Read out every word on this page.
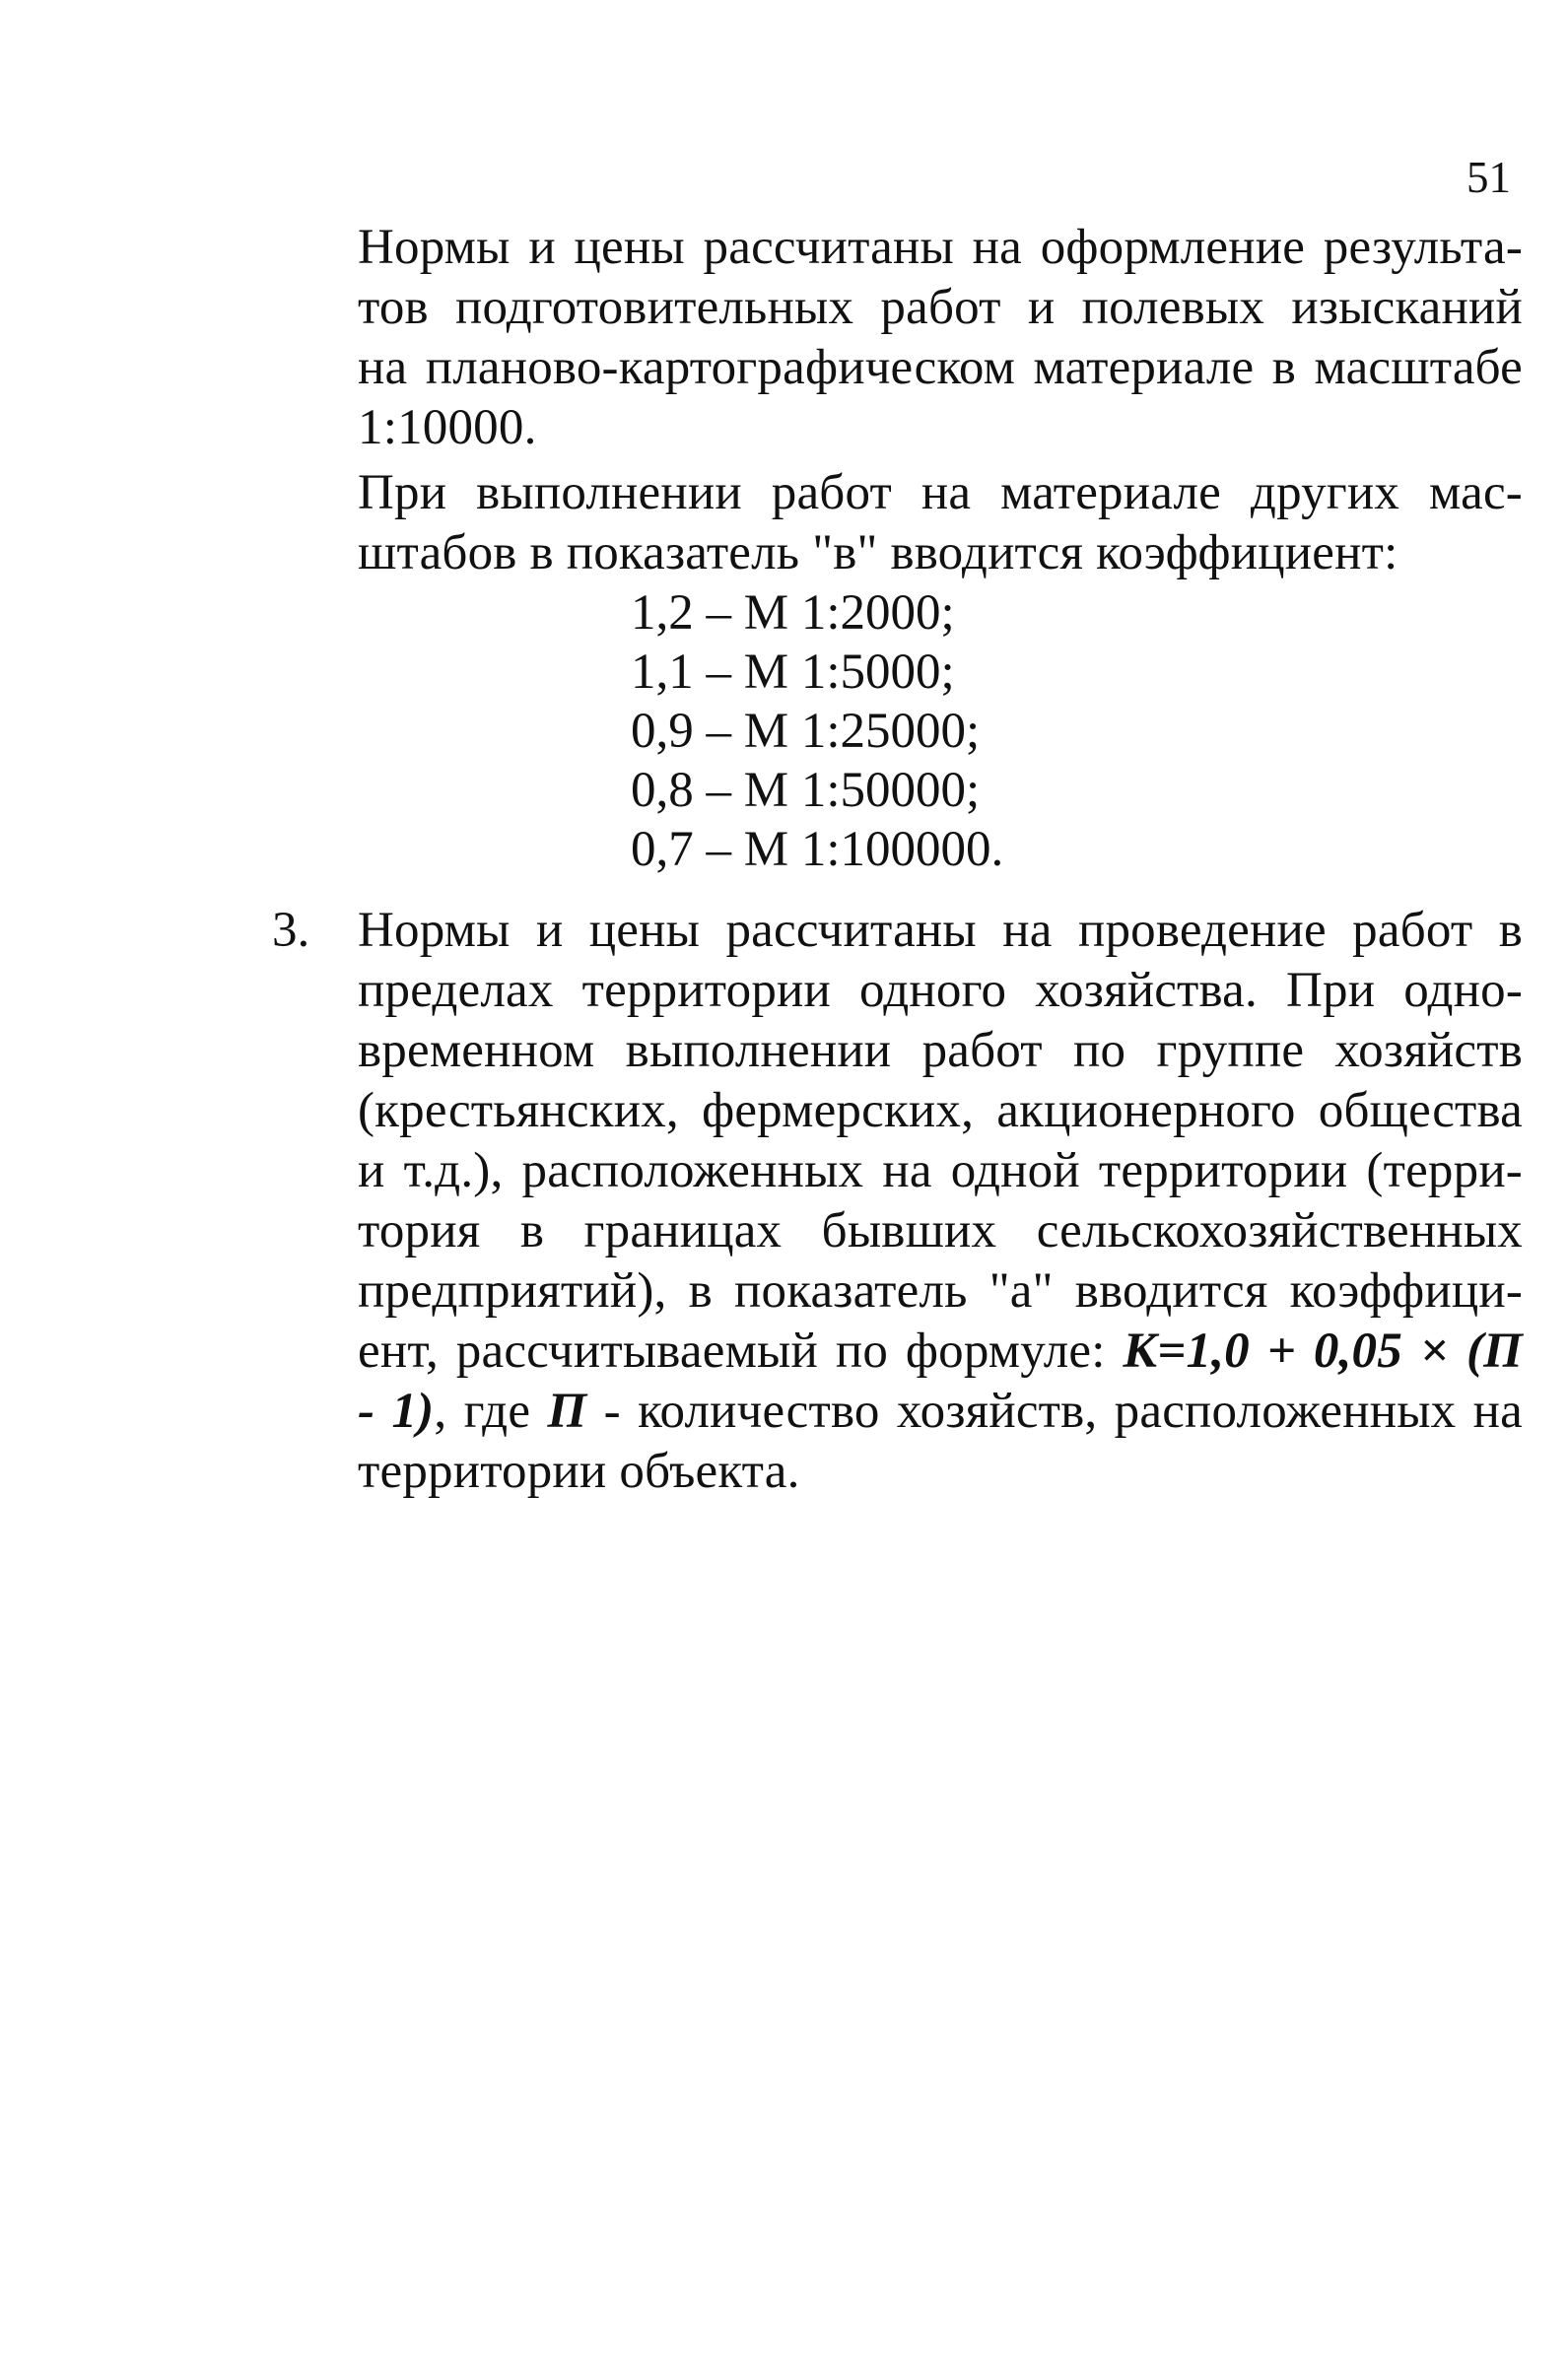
51
Нормы и цены рассчитаны на оформление результа-
тов подготовительных работ и полевых изысканий
на планово-картографическом материале в масштабе
1:10000.
При выполнении работ на материале других мас-
штабов в показатель "в" вводится коэффициент:
1,2 – М 1:2000;
1,1 – М 1:5000;
0,9 – М 1:25000;
0,8 – М 1:50000;
0,7 – М 1:100000.
3. Нормы и цены рассчитаны на проведение работ в
пределах территории одного хозяйства. При одно-
временном выполнении работ по группе хозяйств
(крестьянских, фермерских, акционерного общества
и т.д.), расположенных на одной территории (терри-
тория в границах бывших сельскохозяйственных
предприятий), в показатель "а" вводится коэффици-
ент, рассчитываемый по формуле: К=1,0 + 0,05 × (П
- 1), где П - количество хозяйств, расположенных на
территории объекта.
